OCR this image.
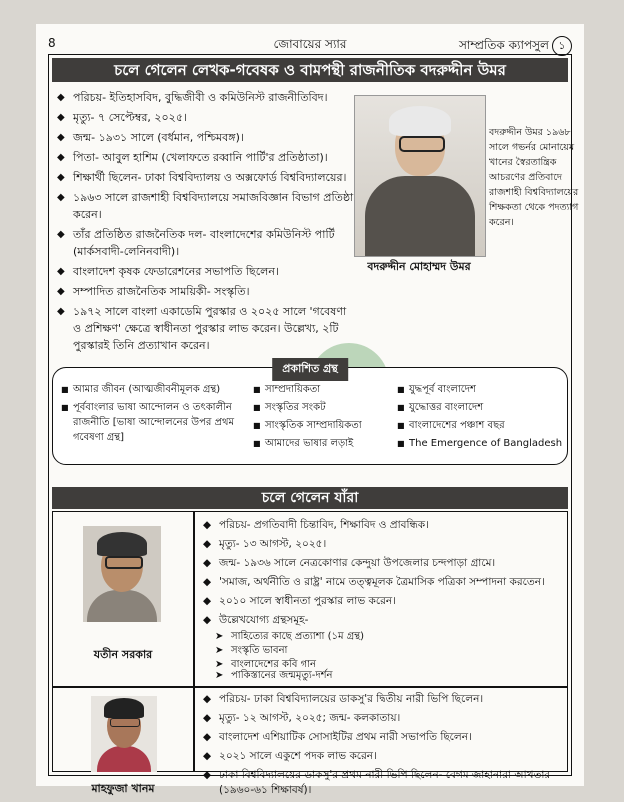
8	জোবায়ের স্যার	সাম্প্রতিক ক্যাপসুল ১
চলে গেলেন লেখক-গবেষক ও বামপন্থী রাজনীতিক বদরুদ্দীন উমর
◆ পরিচয়- ইতিহাসবিদ, বুদ্ধিজীবী ও কমিউনিস্ট রাজনীতিবিদ।
◆ মৃত্যু- ৭ সেপ্টেম্বর, ২০২৫।
◆ জন্ম- ১৯৩১ সালে (বর্ধমান, পশ্চিমবঙ্গ)।
◆ পিতা- আবুল হাশিম (খেলাফতে রব্বানি পার্টি'র প্রতিষ্ঠাতা)।
◆ শিক্ষার্থী ছিলেন- ঢাকা বিশ্ববিদ্যালয় ও অক্সফোর্ড বিশ্ববিদ্যালয়ের।
◆ ১৯৬৩ সালে রাজশাহী বিশ্ববিদ্যালয়ে সমাজবিজ্ঞান বিভাগ প্রতিষ্ঠা করেন।
◆ তাঁর প্রতিষ্ঠিত রাজনৈতিক দল- বাংলাদেশের কমিউনিস্ট পার্টি (মার্কসবাদী-লেনিনবাদী)।
◆ বাংলাদেশ কৃষক ফেডারেশনের সভাপতি ছিলেন।
◆ সম্পাদিত রাজনৈতিক সাময়িকী- সংস্কৃতি।
◆ ১৯৭২ সালে বাংলা একাডেমি পুরস্কার ও ২০২৫ সালে 'গবেষণা ও প্রশিক্ষণ' ক্ষেত্রে স্বাধীনতা পুরস্কার লাভ করেন। উল্লেখ্য, ২টি পুরস্কারই তিনি প্রত্যাখান করেন।
বদরুদ্দীন মোহাম্মদ উমর
বদরুদ্দীন উমর ১৯৬৮ সালে গভর্নর মোনায়েম খানের স্বৈরতান্ত্রিক আচরণের প্রতিবাদে রাজশাহী বিশ্ববিদ্যালয়ের শিক্ষকতা থেকে পদত্যাগ করেন।
প্রকাশিত গ্রন্থ
■ আমার জীবন (আত্মজীবনীমূলক গ্রন্থ)
■ পূর্ববাংলার ভাষা আন্দোলন ও তৎকালীন রাজনীতি [ভাষা আন্দোলনের উপর প্রথম গবেষণা গ্রন্থ]
■ সাম্প্রদায়িকতা
■ সংস্কৃতির সংকট
■ সাংস্কৃতিক সাম্প্রদায়িকতা
■ আমাদের ভাষার লড়াই
■ যুদ্ধপূর্ব বাংলাদেশ
■ যুদ্ধোত্তর বাংলাদেশ
■ বাংলাদেশের পঞ্চাশ বছর
■ The Emergence of Bangladesh
চলে গেলেন যাঁরা
যতীন সরকার
◆ পরিচয়- প্রগতিবাদী চিন্তাবিদ, শিক্ষাবিদ ও প্রাবন্ধিক।
◆ মৃত্যু- ১৩ আগস্ট, ২০২৫।
◆ জন্ম- ১৯৩৬ সালে নেত্রকোণার কেন্দুয়া উপজেলার চন্দপাড়া গ্রামে।
◆ 'সমাজ, অর্থনীতি ও রাষ্ট্র' নামে তত্ত্বমূলক ত্রৈমাসিক পত্রিকা সম্পাদনা করতেন।
◆ ২০১০ সালে স্বাধীনতা পুরস্কার লাভ করেন।
◆ উল্লেখযোগ্য গ্রন্থসমূহ-
➤ সাহিত্যের কাছে প্রত্যাশা (১ম গ্রন্থ)
➤ সংস্কৃতি ভাবনা
➤ বাংলাদেশের কবি গান
➤ পাকিস্তানের জন্মমৃত্যু-দর্শন
মাহফুজা খানম
◆ পরিচয়- ঢাকা বিশ্ববিদ্যালয়ের ডাকসু'র দ্বিতীয় নারী ভিপি ছিলেন।
◆ মৃত্যু- ১২ আগস্ট, ২০২৫; জন্ম- কলকাতায়।
◆ বাংলাদেশ এশিয়াটিক সোসাইটির প্রথম নারী সভাপতি ছিলেন।
◆ ২০২১ সালে একুশে পদক লাভ করেন।
◆ ঢাকা বিশ্ববিদ্যালয়ের ডাকসু'র প্রথম নারী ভিপি ছিলেন- বেগম জাহানারা আখতার (১৯৬০-৬১ শিক্ষাবর্ষ)।
